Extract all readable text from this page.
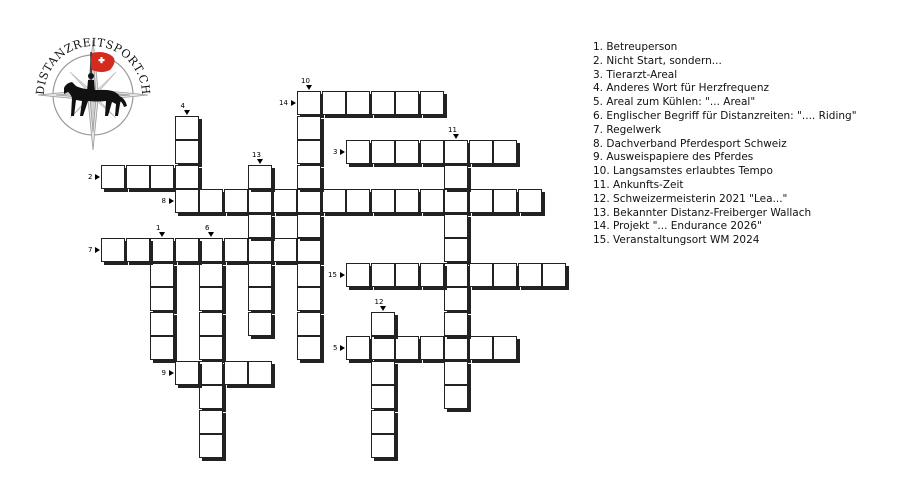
DISTANZREITSPORT.CH
1
2
3
4
5
6
7
8
9
10
11
12
13
14
15
1. Betreuperson
2. Nicht Start, sondern...
3. Tierarzt-Areal
4. Anderes Wort für Herzfrequenz
5. Areal zum Kühlen: "... Areal"
6. Englischer Begriff für Distanzreiten: ".... Riding"
7. Regelwerk
8. Dachverband Pferdesport Schweiz
9. Ausweispapiere des Pferdes
10. Langsamstes erlaubtes Tempo
11. Ankunfts-Zeit
12. Schweizermeisterin 2021 "Lea..."
13. Bekannter Distanz-Freiberger Wallach
14. Projekt "... Endurance 2026"
15. Veranstaltungsort WM 2024
